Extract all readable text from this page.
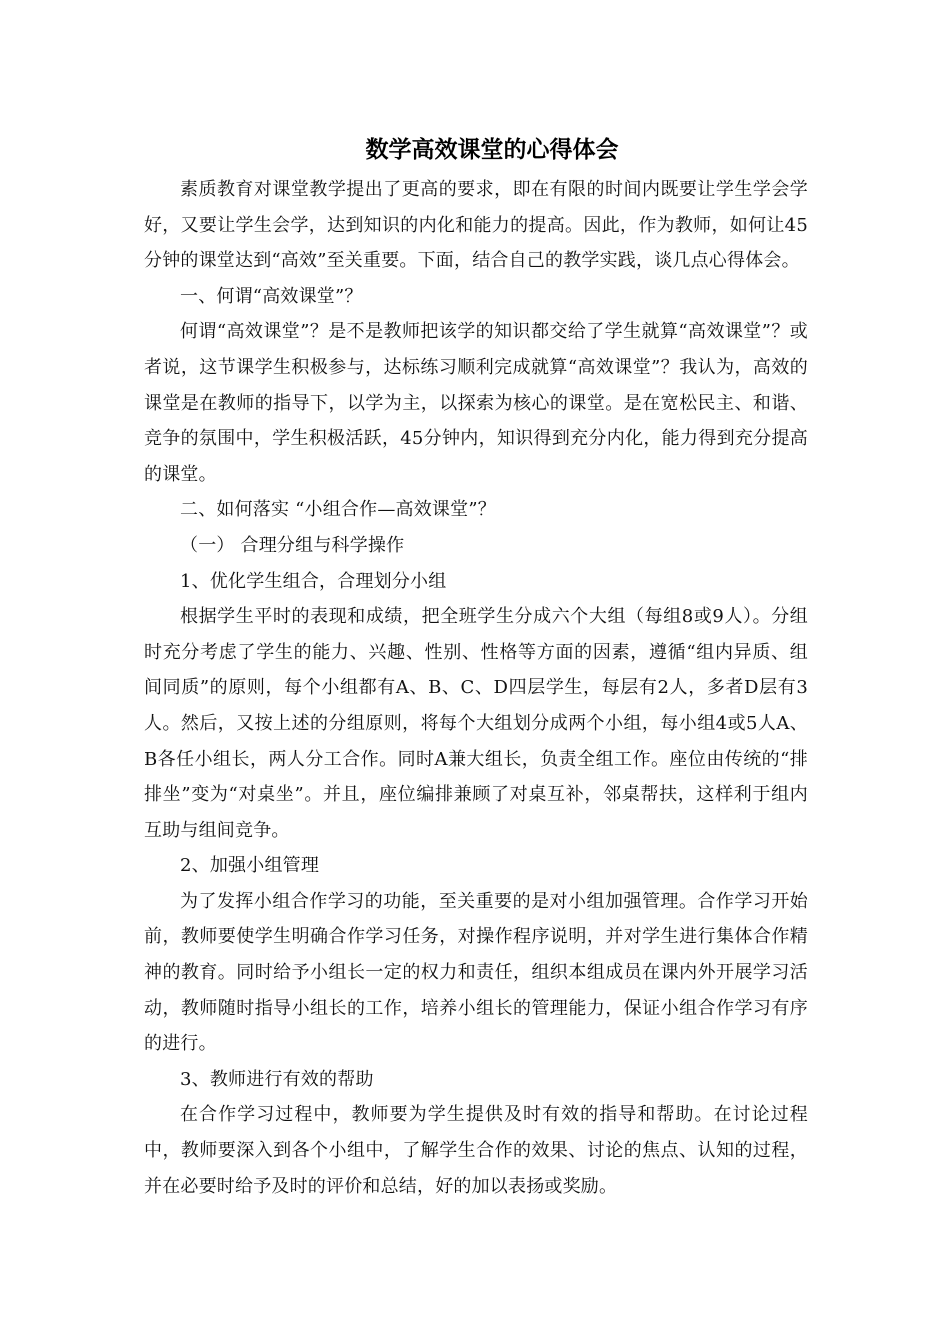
数学高效课堂的心得体会

素质教育对课堂教学提出了更高的要求，即在有限的时间内既要让学生学会学好，又要让学生会学，达到知识的内化和能力的提高。因此，作为教师，如何让45分钟的课堂达到“高效”至关重要。下面，结合自己的教学实践，谈几点心得体会。

一、何谓“高效课堂”？

何谓“高效课堂”？是不是教师把该学的知识都交给了学生就算“高效课堂”？或者说，这节课学生积极参与，达标练习顺利完成就算“高效课堂”？我认为，高效的课堂是在教师的指导下，以学为主，以探索为核心的课堂。是在宽松民主、和谐、竞争的氛围中，学生积极活跃，45分钟内，知识得到充分内化，能力得到充分提高的课堂。

二、如何落实 “小组合作—高效课堂”？

（一） 合理分组与科学操作

1、优化学生组合，合理划分小组

根据学生平时的表现和成绩，把全班学生分成六个大组（每组8或9人）。分组时充分考虑了学生的能力、兴趣、性别、性格等方面的因素，遵循“组内异质、组间同质”的原则，每个小组都有A、B、C、D四层学生，每层有2人，多者D层有3人。然后，又按上述的分组原则，将每个大组划分成两个小组，每小组4或5人A、B各任小组长，两人分工合作。同时A兼大组长，负责全组工作。座位由传统的“排排坐”变为“对桌坐”。并且，座位编排兼顾了对桌互补，邻桌帮扶，这样利于组内互助与组间竞争。

2、加强小组管理

为了发挥小组合作学习的功能，至关重要的是对小组加强管理。合作学习开始前，教师要使学生明确合作学习任务，对操作程序说明，并对学生进行集体合作精神的教育。同时给予小组长一定的权力和责任，组织本组成员在课内外开展学习活动，教师随时指导小组长的工作，培养小组长的管理能力，保证小组合作学习有序的进行。

3、教师进行有效的帮助

在合作学习过程中，教师要为学生提供及时有效的指导和帮助。在讨论过程中，教师要深入到各个小组中，了解学生合作的效果、讨论的焦点、认知的过程，并在必要时给予及时的评价和总结，好的加以表扬或奖励。
